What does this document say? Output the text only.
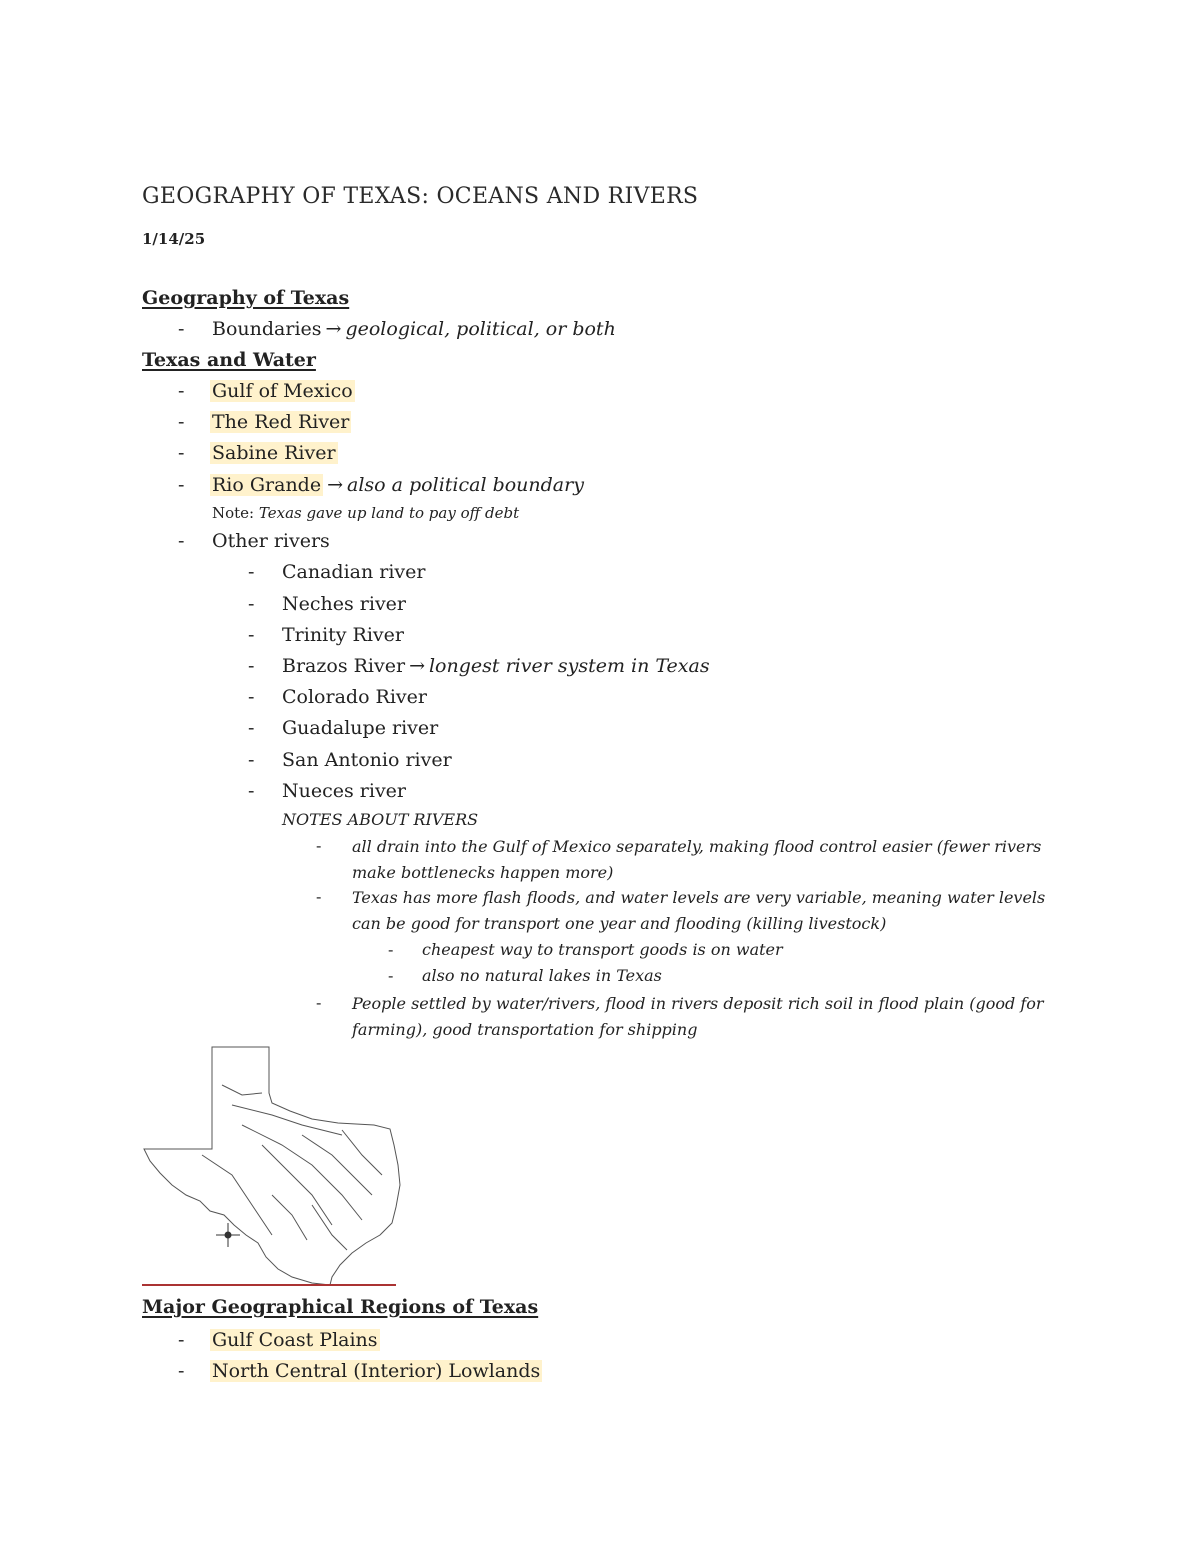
GEOGRAPHY OF TEXAS: OCEANS AND RIVERS
1/14/25
Geography of Texas
-	Boundaries → geological, political, or both
Texas and Water
-	Gulf of Mexico
-	The Red River
-	Sabine River
-	Rio Grande → also a political boundary
Note: Texas gave up land to pay off debt
-	Other rivers
-	Canadian river
-	Neches river
-	Trinity River
-	Brazos River → longest river system in Texas
-	Colorado River
-	Guadalupe river
-	San Antonio river
-	Nueces river
NOTES ABOUT RIVERS
- all drain into the Gulf of Mexico separately, making flood control easier (fewer rivers make bottlenecks happen more)
- Texas has more flash floods, and water levels are very variable, meaning water levels can be good for transport one year and flooding (killing livestock)
- cheapest way to transport goods is on water
- also no natural lakes in Texas
- People settled by water/rivers, flood in rivers deposit rich soil in flood plain (good for farming), good transportation for shipping
Major Geographical Regions of Texas
-	Gulf Coast Plains
-	North Central (Interior) Lowlands
